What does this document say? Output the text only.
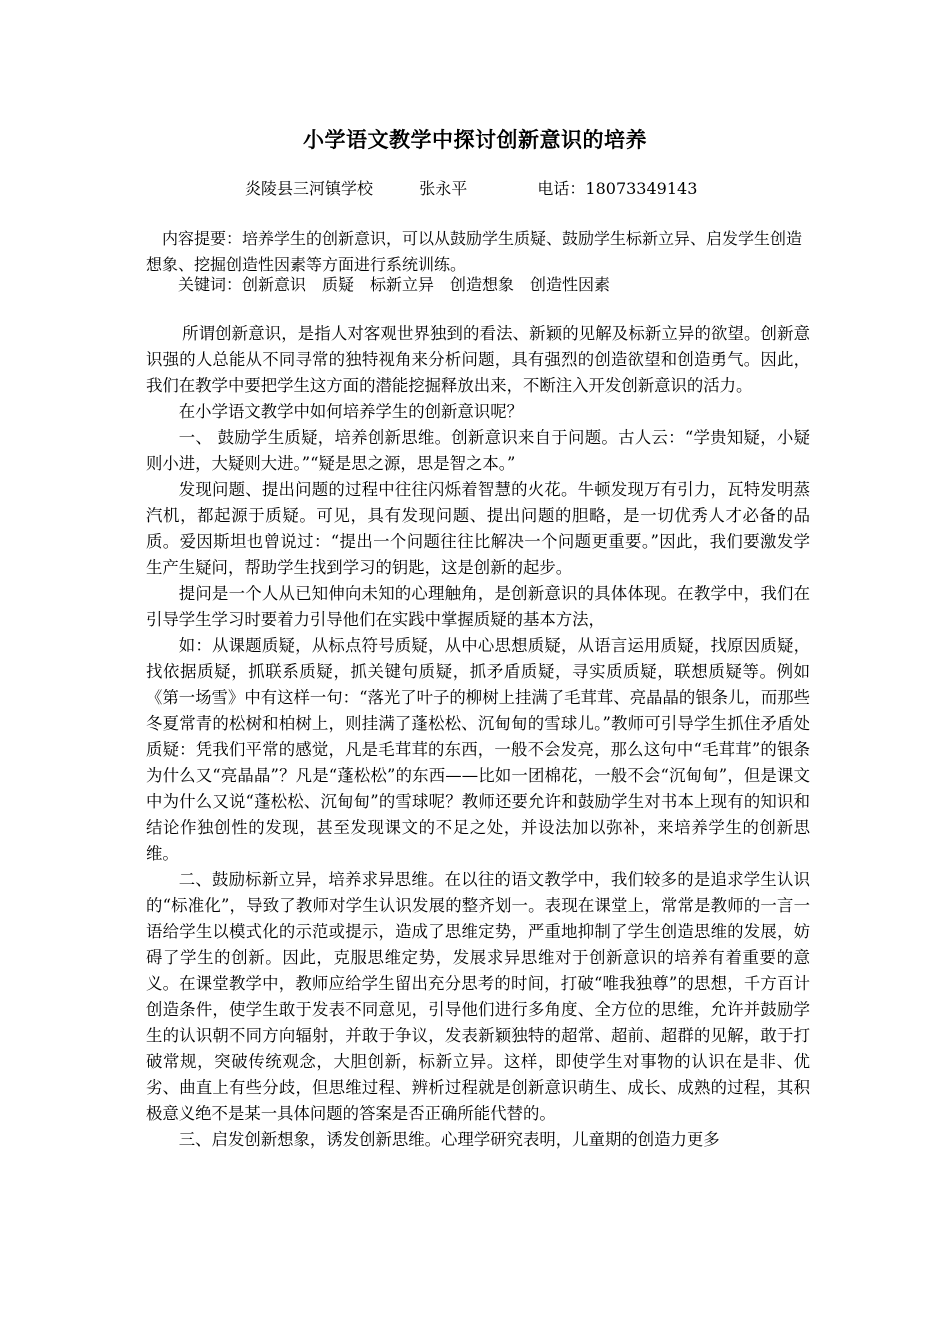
小学语文教学中探讨创新意识的培养
炎陵县三河镇学校	张永平	电话：18073349143
内容提要：培养学生的创新意识，可以从鼓励学生质疑、鼓励学生标新立异、启发学生创造想象、挖掘创造性因素等方面进行系统训练。
关键词：创新意识　质疑　标新立异　创造想象　创造性因素

所谓创新意识，是指人对客观世界独到的看法、新颖的见解及标新立异的欲望。创新意识强的人总能从不同寻常的独特视角来分析问题，具有强烈的创造欲望和创造勇气。因此，我们在教学中要把学生这方面的潜能挖掘释放出来，不断注入开发创新意识的活力。

在小学语文教学中如何培养学生的创新意识呢？

一、 鼓励学生质疑，培养创新思维。创新意识来自于问题。古人云：“学贵知疑，小疑则小进，大疑则大进。”“疑是思之源，思是智之本。”

发现问题、提出问题的过程中往往闪烁着智慧的火花。牛顿发现万有引力，瓦特发明蒸汽机，都起源于质疑。可见，具有发现问题、提出问题的胆略，是一切优秀人才必备的品质。爱因斯坦也曾说过：“提出一个问题往往比解决一个问题更重要。”因此，我们要激发学生产生疑问，帮助学生找到学习的钥匙，这是创新的起步。

提问是一个人从已知伸向未知的心理触角，是创新意识的具体体现。在教学中，我们在引导学生学习时要着力引导他们在实践中掌握质疑的基本方法，

如：从课题质疑，从标点符号质疑，从中心思想质疑，从语言运用质疑，找原因质疑，找依据质疑，抓联系质疑，抓关键句质疑，抓矛盾质疑，寻实质质疑，联想质疑等。例如《第一场雪》中有这样一句：“落光了叶子的柳树上挂满了毛茸茸、亮晶晶的银条儿，而那些冬夏常青的松树和柏树上，则挂满了蓬松松、沉甸甸的雪球儿。”教师可引导学生抓住矛盾处质疑：凭我们平常的感觉，凡是毛茸茸的东西，一般不会发亮，那么这句中“毛茸茸”的银条为什么又“亮晶晶”？凡是“蓬松松”的东西——比如一团棉花，一般不会“沉甸甸”，但是课文中为什么又说“蓬松松、沉甸甸”的雪球呢？教师还要允许和鼓励学生对书本上现有的知识和结论作独创性的发现，甚至发现课文的不足之处，并设法加以弥补，来培养学生的创新思维。

二、鼓励标新立异，培养求异思维。在以往的语文教学中，我们较多的是追求学生认识的“标准化”，导致了教师对学生认识发展的整齐划一。表现在课堂上，常常是教师的一言一语给学生以模式化的示范或提示，造成了思维定势，严重地抑制了学生创造思维的发展，妨碍了学生的创新。因此，克服思维定势，发展求异思维对于创新意识的培养有着重要的意义。在课堂教学中，教师应给学生留出充分思考的时间，打破“唯我独尊”的思想，千方百计创造条件，使学生敢于发表不同意见，引导他们进行多角度、全方位的思维，允许并鼓励学生的认识朝不同方向辐射，并敢于争议，发表新颖独特的超常、超前、超群的见解，敢于打破常规，突破传统观念，大胆创新，标新立异。这样，即使学生对事物的认识在是非、优劣、曲直上有些分歧，但思维过程、辨析过程就是创新意识萌生、成长、成熟的过程，其积极意义绝不是某一具体问题的答案是否正确所能代替的。

三、启发创新想象，诱发创新思维。心理学研究表明，儿童期的创造力更多
